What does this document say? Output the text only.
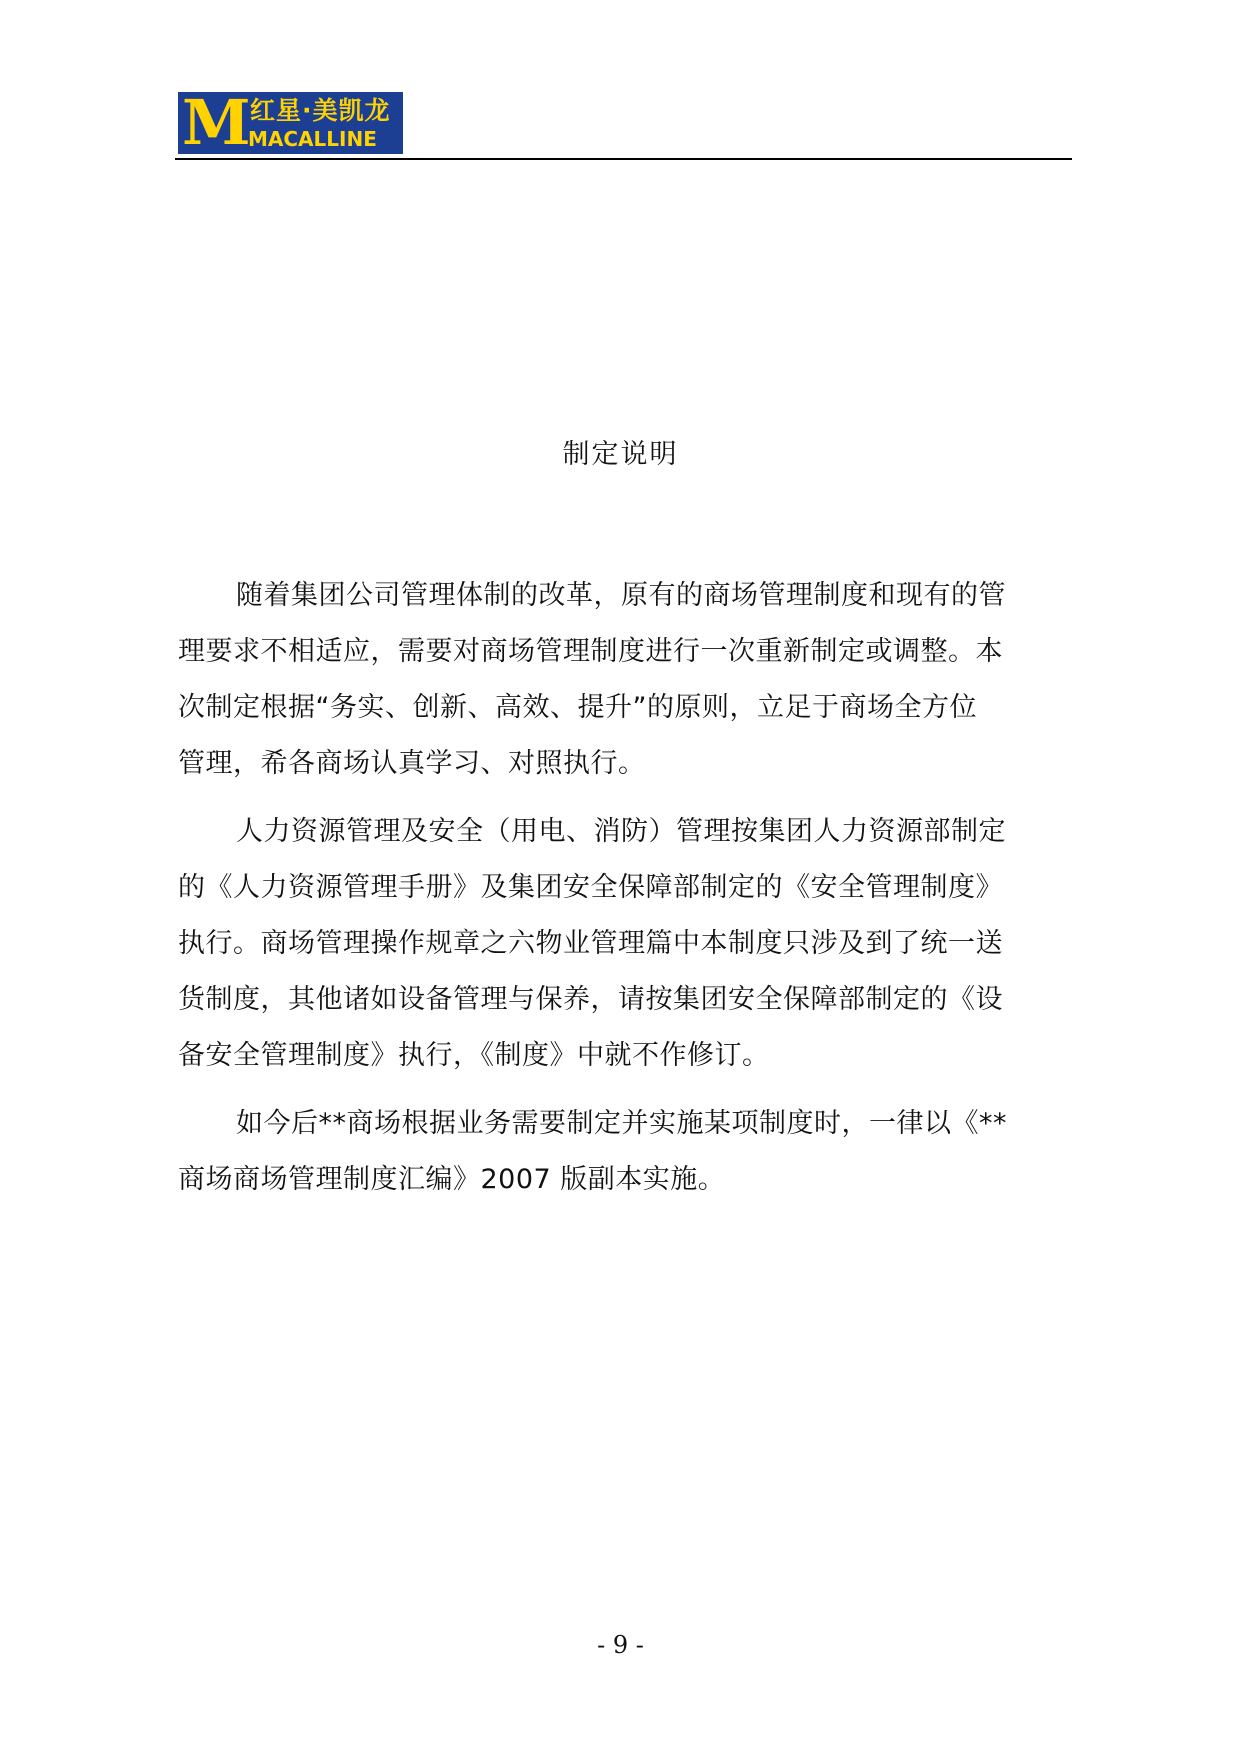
M 红星·美凯龙
MACALLINE
制定说明

随着集团公司管理体制的改革，原有的商场管理制度和现有的管
理要求不相适应，需要对商场管理制度进行一次重新制定或调整。本
次制定根据“务实、创新、高效、提升”的原则，立足于商场全方位
管理，希各商场认真学习、对照执行。

人力资源管理及安全（用电、消防）管理按集团人力资源部制定
的《人力资源管理手册》及集团安全保障部制定的《安全管理制度》
执行。商场管理操作规章之六物业管理篇中本制度只涉及到了统一送
货制度，其他诸如设备管理与保养，请按集团安全保障部制定的《设
备安全管理制度》执行，《制度》中就不作修订。

如今后**商场根据业务需要制定并实施某项制度时，一律以《**
商场商场管理制度汇编》2007 版副本实施。

- 9 -
